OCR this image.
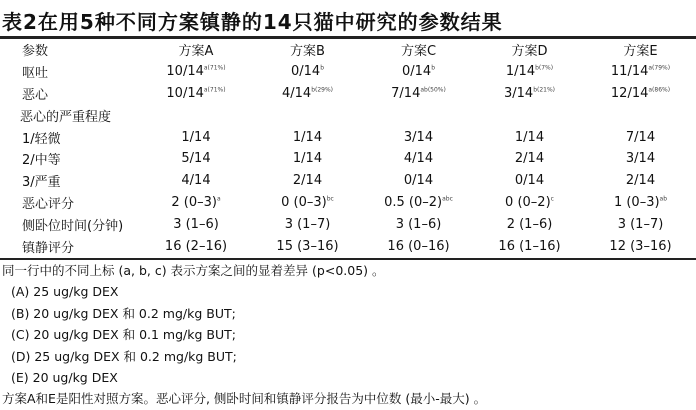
表2在用5种不同方案镇静的14只猫中研究的参数结果
参数	方案A	方案B	方案C	方案D	方案E
呕吐	$10/14^{a(71\%)}$	0/14$^b$	0/14$^b$	$1/14^{b(7\%)}$	$11/14^{a(79\%)}$
恶心	$10/14^{a(71\%)}$	$4/14^{b(29\%)}$	$7/14^{ab(50\%)}$	$3/14^{b(21\%)}$	$12/14^{a(86\%)}$
恶心的严重程度					
1/轻微	1/14	1/14	3/14	1/14	7/14
2/中等	5/14	1/14	4/14	2/14	3/14
3/严重	4/14	2/14	0/14	0/14	2/14
恶心评分	2 $(0-3)^a$	0 $(0-3)^{bc}$	0.5 $(0-2)^{abc}$	0 $(0-2)^c$	1 $(0-3)^{ab}$
侧卧位时间(分钟)	3 (1–6)	3 (1–7)	3 (1–6)	2 (1–6)	3 (1–7)
镇静评分	16 (2–16)	15 (3–16)	16 (0–16)	16 (1–16)	12 (3–16)
同一行中的不同上标 (a, b, c) 表示方案之间的显着差异 (p<0.05) 。
(A) 25 ug/kg DEX
(B) 20 ug/kg DEX 和 0.2 mg/kg BUT;
(C) 20 ug/kg DEX 和 0.1 mg/kg BUT;
(D) 25 ug/kg DEX 和 0.2 mg/kg BUT;
(E) 20 ug/kg DEX
方案A和E是阳性对照方案。恶心评分, 侧卧时间和镇静评分报告为中位数 (最小-最大) 。
